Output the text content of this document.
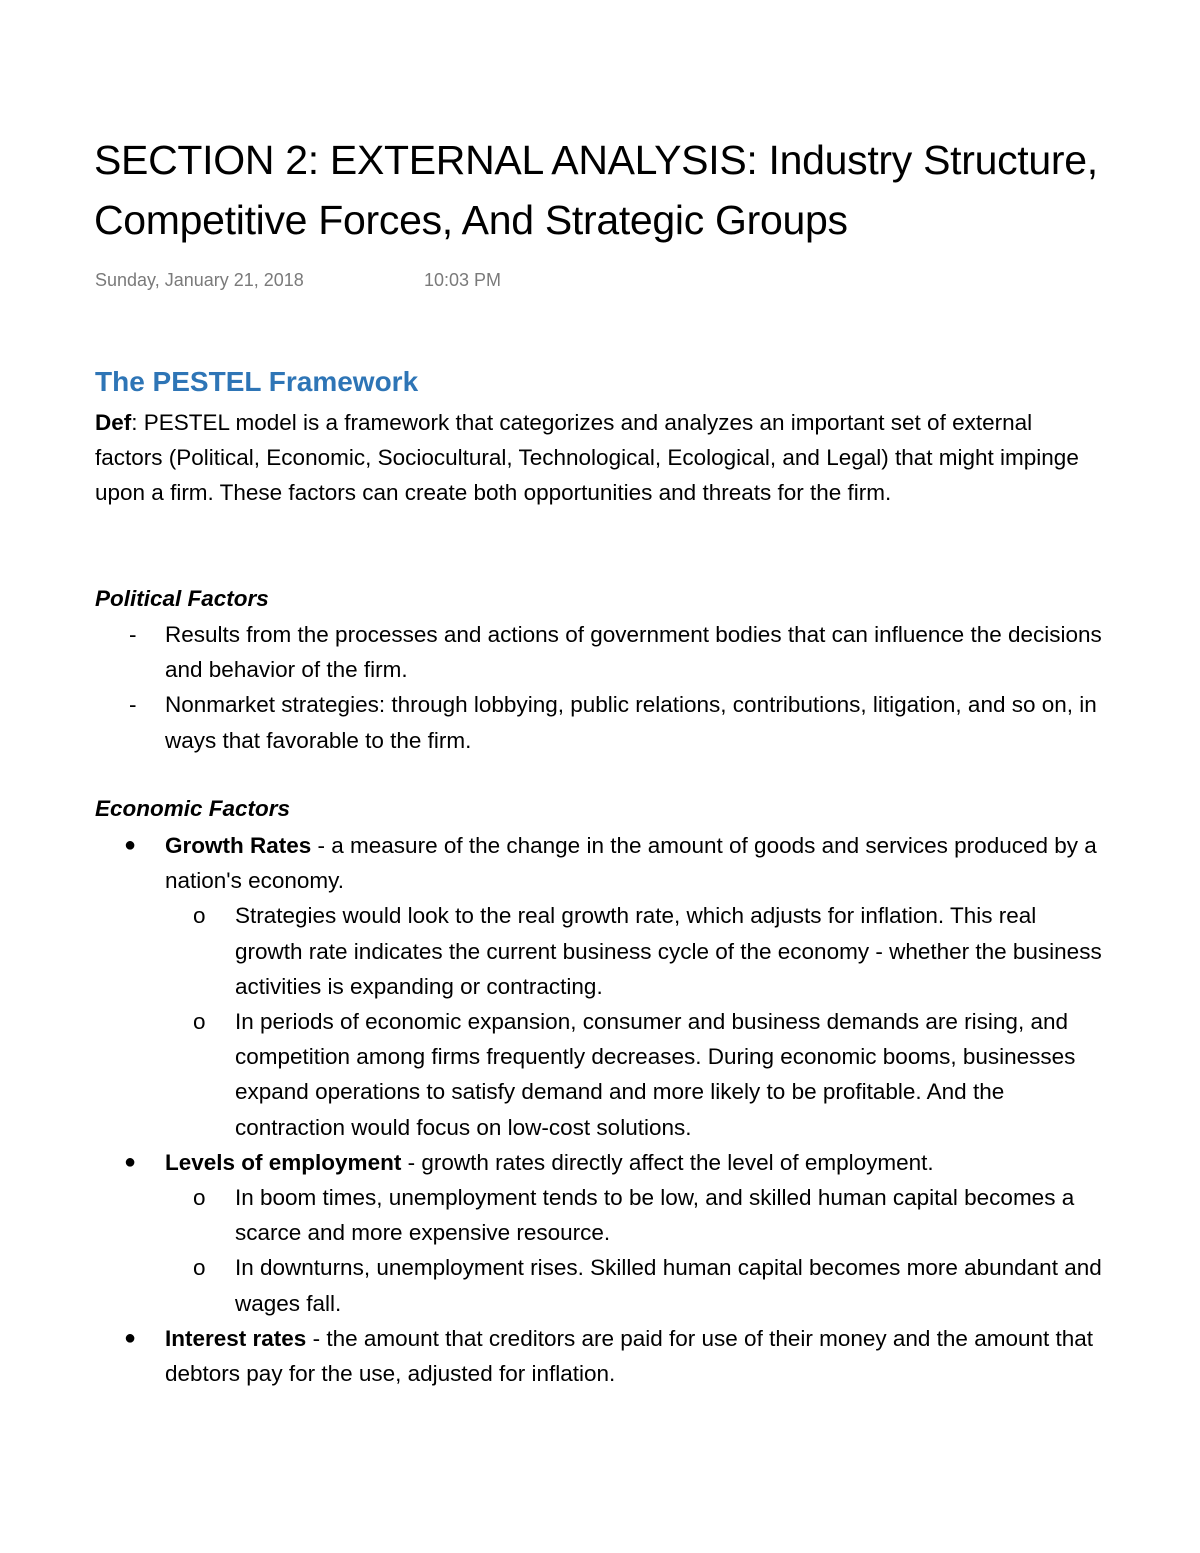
SECTION 2: EXTERNAL ANALYSIS: Industry Structure, Competitive Forces, And Strategic Groups
Sunday, January 21, 2018	10:03 PM
The PESTEL Framework

Def: PESTEL model is a framework that categorizes and analyzes an important set of external factors (Political, Economic, Sociocultural, Technological, Ecological, and Legal) that might impinge upon a firm. These factors can create both opportunities and threats for the firm.

Political Factors
-	Results from the processes and actions of government bodies that can influence the decisions and behavior of the firm.
-	Nonmarket strategies: through lobbying, public relations, contributions, litigation, and so on, in ways that favorable to the firm.
Economic Factors
●	Growth Rates - a measure of the change in the amount of goods and services produced by a nation's economy.
o	Strategies would look to the real growth rate, which adjusts for inflation. This real growth rate indicates the current business cycle of the economy - whether the business activities is expanding or contracting.
o	In periods of economic expansion, consumer and business demands are rising, and competition among firms frequently decreases. During economic booms, businesses expand operations to satisfy demand and more likely to be profitable. And the contraction would focus on low-cost solutions.
●	Levels of employment - growth rates directly affect the level of employment.
o	In boom times, unemployment tends to be low, and skilled human capital becomes a scarce and more expensive resource.
o	In downturns, unemployment rises. Skilled human capital becomes more abundant and wages fall.
●	Interest rates - the amount that creditors are paid for use of their money and the amount that debtors pay for the use, adjusted for inflation.
